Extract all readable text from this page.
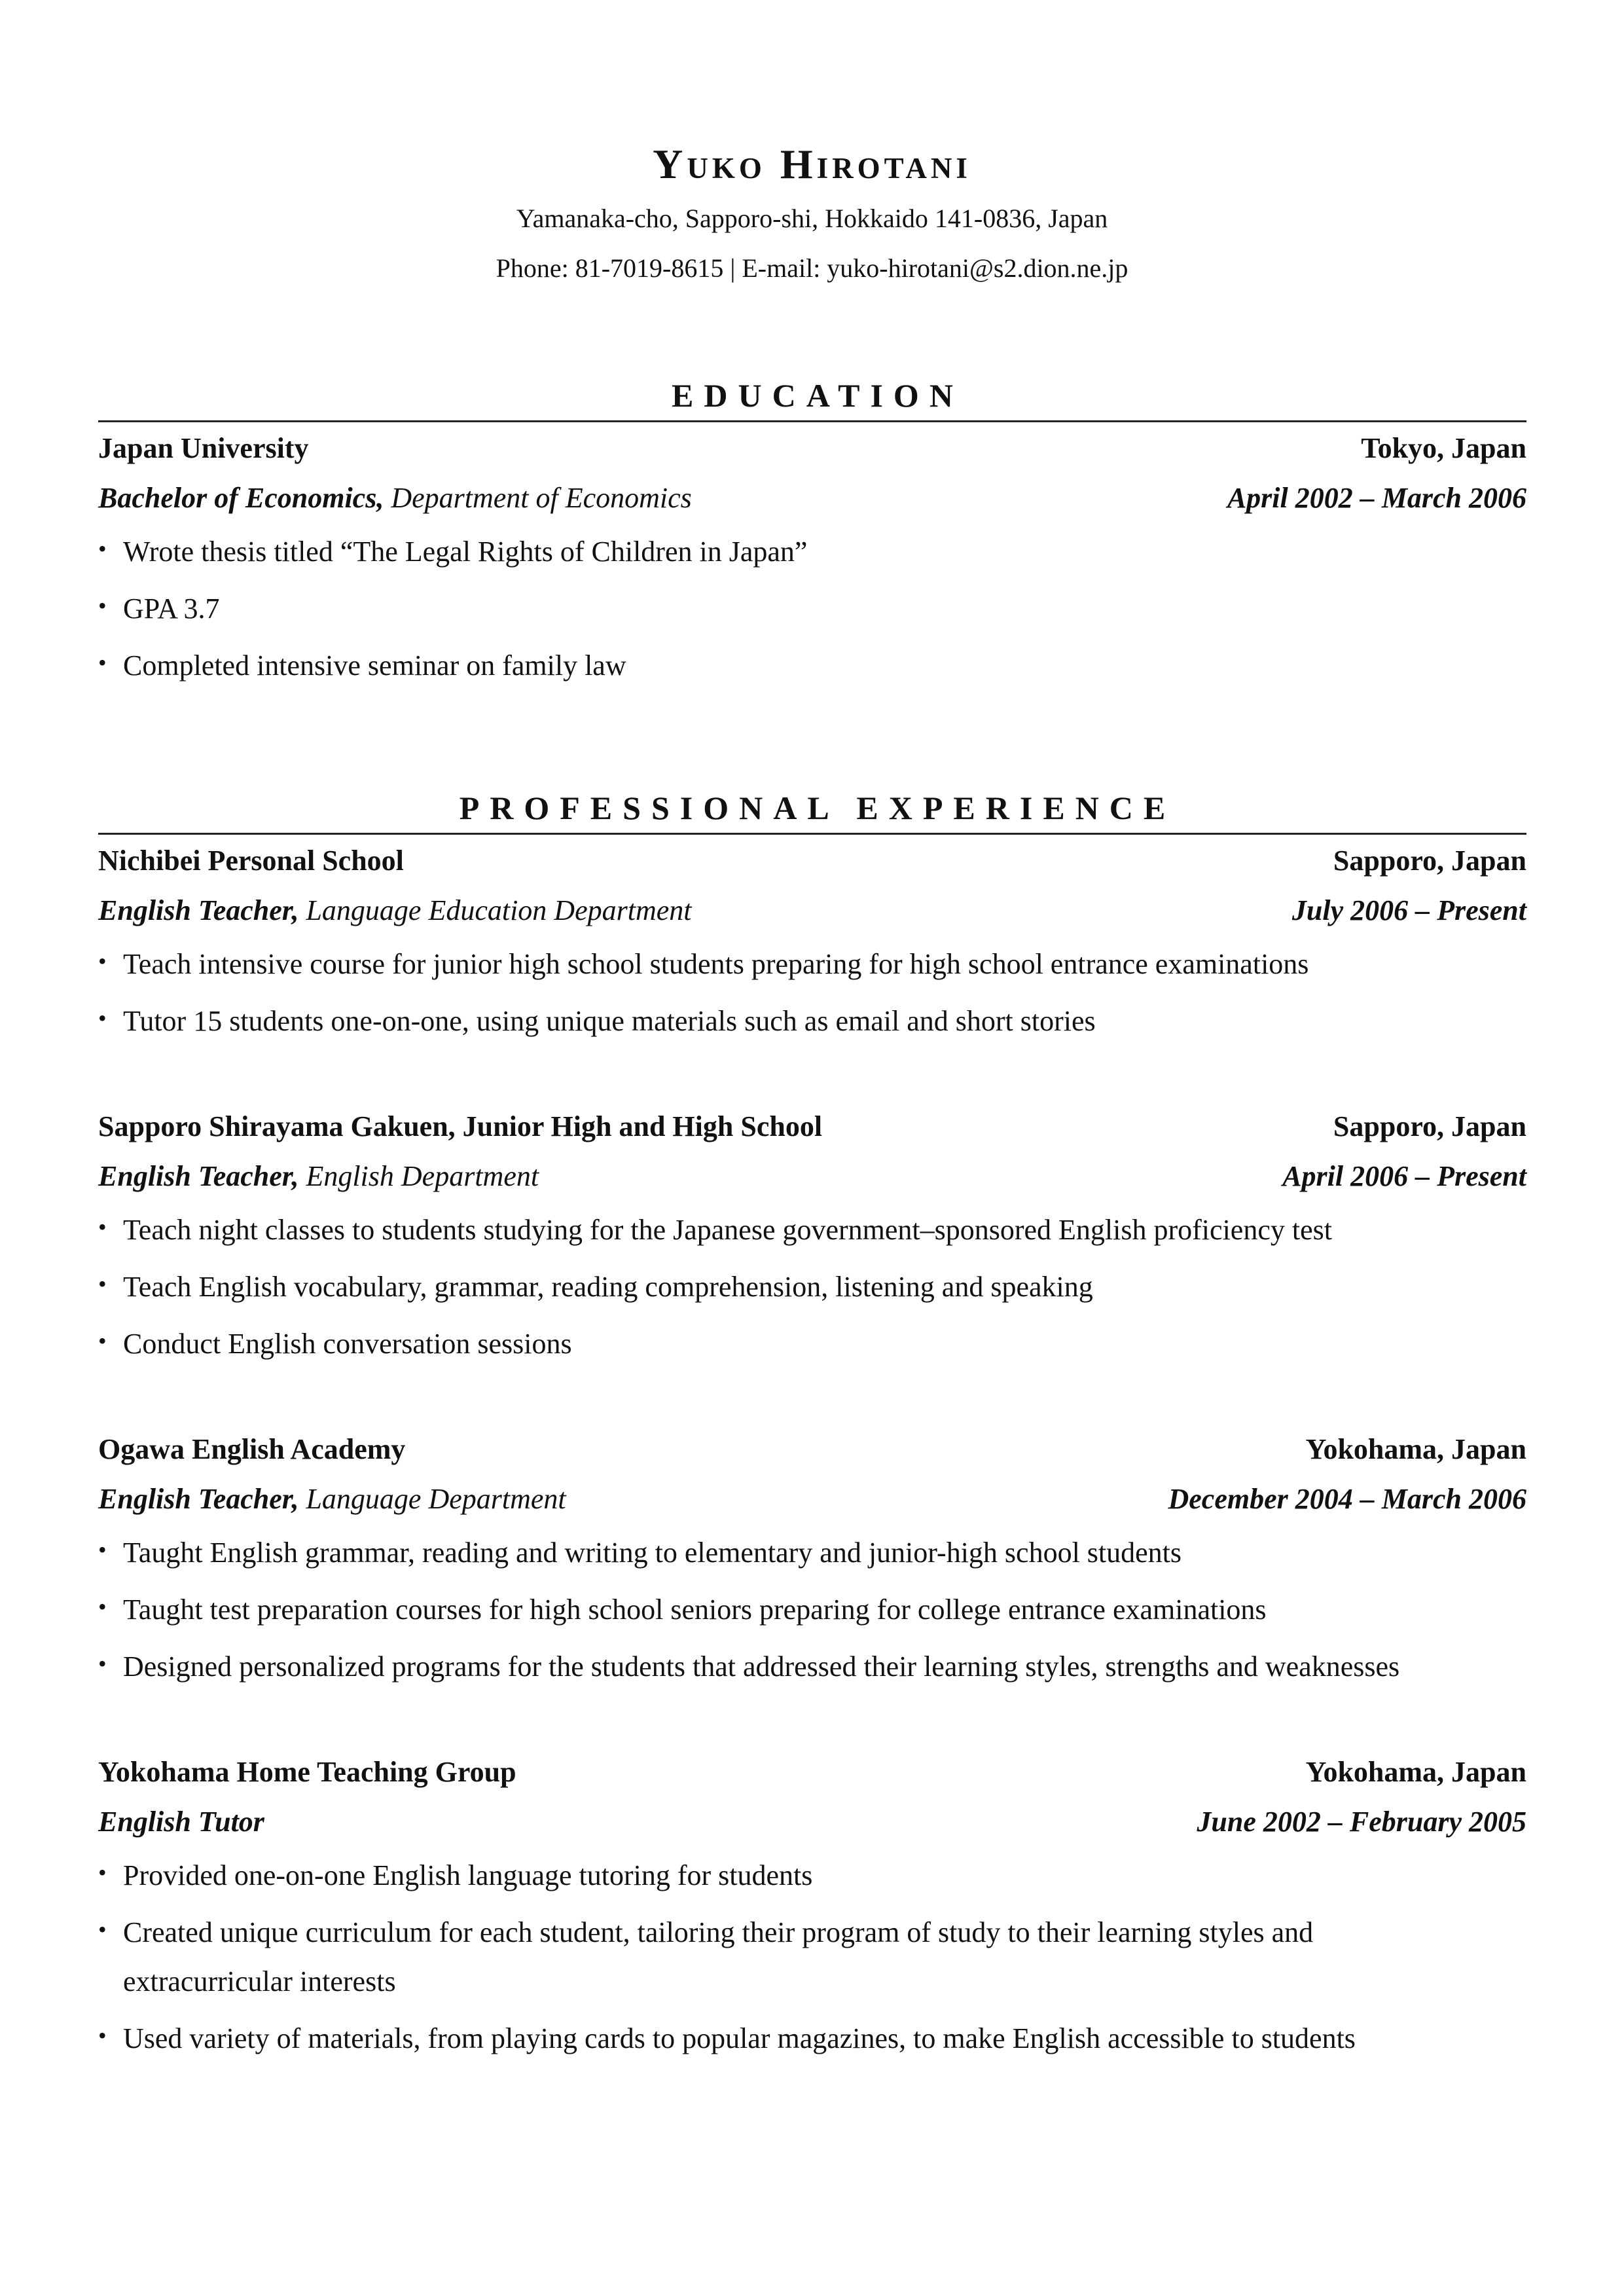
Yuko Hirotani

Yamanaka-cho, Sapporo-shi, Hokkaido 141-0836, Japan

Phone: 81-7019-8615 | E-mail: yuko-hirotani@s2.dion.ne.jp

EDUCATION

Japan University	Tokyo, Japan
Bachelor of Economics, Department of Economics	April 2002 – March 2006
• Wrote thesis titled “The Legal Rights of Children in Japan”
• GPA 3.7
• Completed intensive seminar on family law

PROFESSIONAL EXPERIENCE

Nichibei Personal School	Sapporo, Japan
English Teacher, Language Education Department	July 2006 – Present
• Teach intensive course for junior high school students preparing for high school entrance examinations
• Tutor 15 students one-on-one, using unique materials such as email and short stories
Sapporo Shirayama Gakuen, Junior High and High School	Sapporo, Japan
English Teacher, English Department	April 2006 – Present
• Teach night classes to students studying for the Japanese government–sponsored English proficiency test
• Teach English vocabulary, grammar, reading comprehension, listening and speaking
• Conduct English conversation sessions
Ogawa English Academy	Yokohama, Japan
English Teacher, Language Department	December 2004 – March 2006
• Taught English grammar, reading and writing to elementary and junior-high school students
• Taught test preparation courses for high school seniors preparing for college entrance examinations
• Designed personalized programs for the students that addressed their learning styles, strengths and weaknesses
Yokohama Home Teaching Group	Yokohama, Japan
English Tutor	June 2002 – February 2005
• Provided one-on-one English language tutoring for students
• Created unique curriculum for each student, tailoring their program of study to their learning styles and extracurricular interests
• Used variety of materials, from playing cards to popular magazines, to make English accessible to students
